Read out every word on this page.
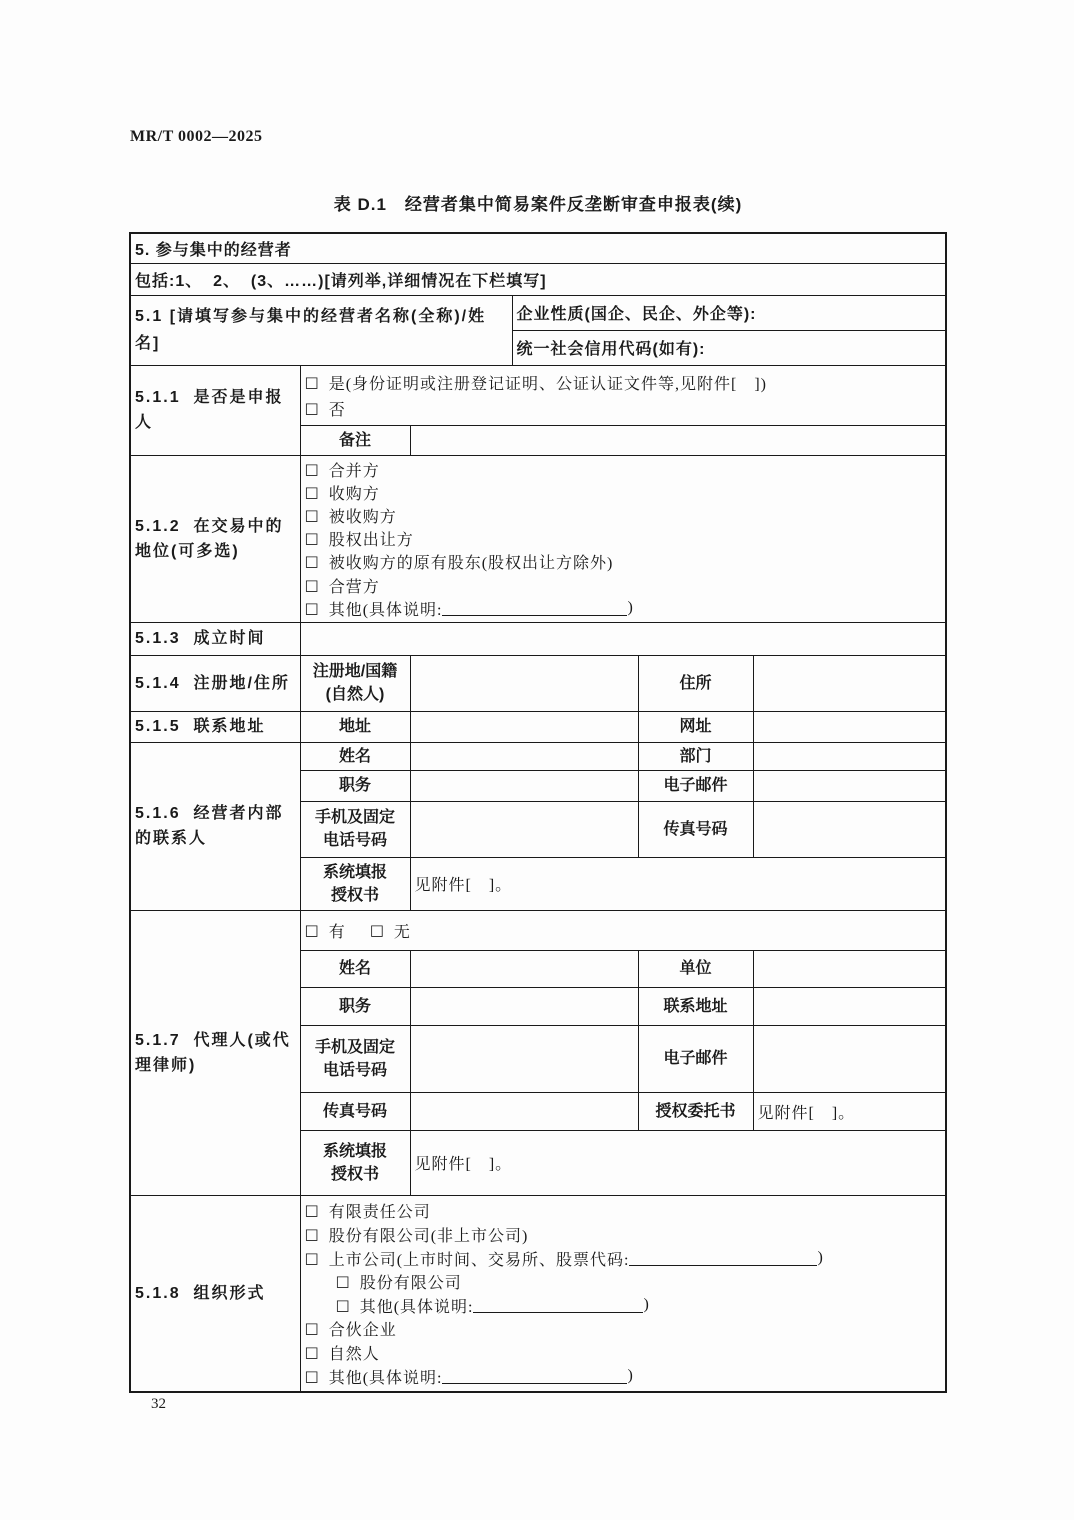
MR/T 0002—2025
表 D.1　经营者集中简易案件反垄断审查申报表(续)
5. 参与集中的经营者					
包括:1、  2、  (3、……)[请列举,详细情况在下栏填写]					
5.1 [请填写参与集中的经营者名称(全称)/姓名]			企业性质(国企、民企、外企等):		
			统一社会信用代码(如有):		
5.1.1  是否是申报人	□ 是(身份证明或注册登记证明、公证认证文件等,见附件[　])
□ 否				

	备注				
5.1.2  在交易中的地位(可多选)	
□ 合并方
□ 收购方
□ 被收购方
□ 股权出让方
□ 被收购方的原有股东(股权出让方除外)
□ 合营方
□ 其他(具体说明:	)

5.1.3  成立时间					
5.1.4  注册地/住所	注册地/国籍(自然人)			住所	
5.1.5  联系地址	地址			网址	
5.1.6  经营者内部的联系人	姓名			部门	
	职务			电子邮件	
	手机及固定电话号码			传真号码	
	系统填报授权书	见附件[　]。			
5.1.7  代理人(或代理律师)	□ 有 □ 无				

	姓名			单位	
	职务			联系地址	
	手机及固定电话号码			电子邮件	
	传真号码			授权委托书	见附件[　]。
	系统填报授权书	见附件[　]。			
5.1.8  组织形式	
□ 有限责任公司
□ 股份有限公司(非上市公司)
□ 上市公司(上市时间、交易所、股票代码:	)
□ 股份有限公司
□ 其他(具体说明:	)
□ 合伙企业
□ 自然人
□ 其他(具体说明:	)
32
